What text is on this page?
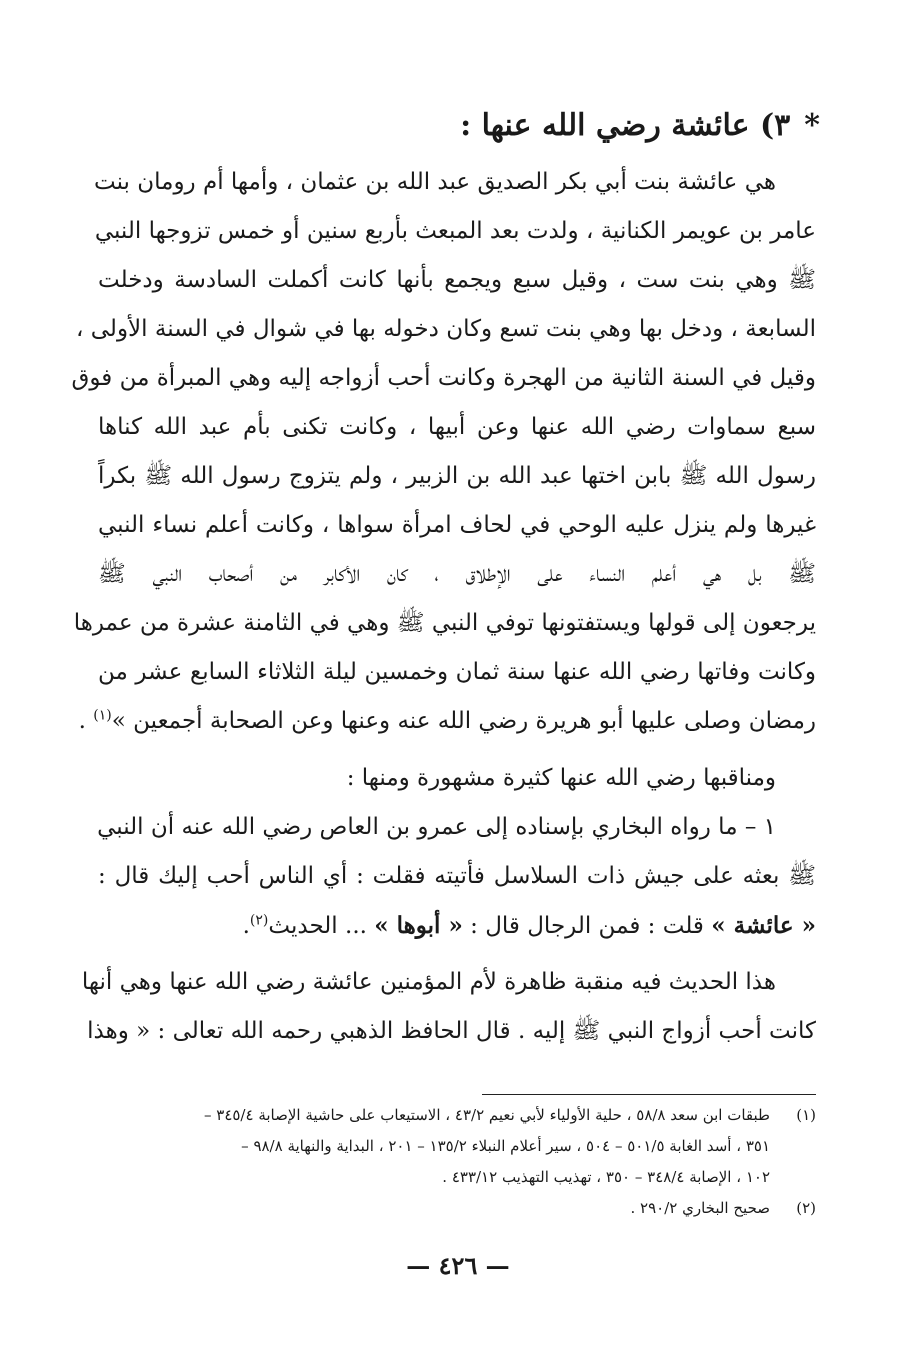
*٣) عائشة رضي الله عنها :
هي عائشة بنت أبي بكر الصديق عبد الله بن عثمان ، وأمها أم رومان بنت
عامر بن عويمر الكنانية ، ولدت بعد المبعث بأربع سنين أو خمس تزوجها النبي
ﷺ وهي بنت ست ، وقيل سبع ويجمع بأنها كانت أكملت السادسة ودخلت
السابعة ، ودخل بها وهي بنت تسع وكان دخوله بها في شوال في السنة الأولى ،
وقيل في السنة الثانية من الهجرة وكانت أحب أزواجه إليه وهي المبرأة من فوق
سبع سماوات رضي الله عنها وعن أبيها ، وكانت تكنى بأم عبد الله كناها
رسول الله ﷺ بابن اختها عبد الله بن الزبير ، ولم يتزوج رسول الله ﷺ بكراً
غيرها ولم ينزل عليه الوحي في لحاف امرأة سواها ، وكانت أعلم نساء النبي
ﷺ بل هي أعلم النساء على الإطلاق ، كان الأكابر من أصحاب النبي ﷺ
يرجعون إلى قولها ويستفتونها توفي النبي ﷺ وهي في الثامنة عشرة من عمرها
وكانت وفاتها رضي الله عنها سنة ثمان وخمسين ليلة الثلاثاء السابع عشر من
رمضان وصلى عليها أبو هريرة رضي الله عنه وعنها وعن الصحابة أجمعين »$^{(١)}$ .
ومناقبها رضي الله عنها كثيرة مشهورة ومنها :
١ – ما رواه البخاري بإسناده إلى عمرو بن العاص رضي الله عنه أن النبي
ﷺ بعثه على جيش ذات السلاسل فأتيته فقلت : أي الناس أحب إليك قال :
« عائشة » قلت : فمن الرجال قال : « أبوها » ... الحديث$^{(٢)}$.
هذا الحديث فيه منقبة ظاهرة لأم المؤمنين عائشة رضي الله عنها وهي أنها
كانت أحب أزواج النبي ﷺ إليه . قال الحافظ الذهبي رحمه الله تعالى : « وهذا
(١)طبقات ابن سعد ٥٨/٨ ، حلية الأولياء لأبي نعيم ٤٣/٢ ، الاستيعاب على حاشية الإصابة ٣٤٥/٤ –
٣٥١ ، أسد الغابة ٥٠١/٥ – ٥٠٤ ، سير أعلام النبلاء ١٣٥/٢ – ٢٠١ ، البداية والنهاية ٩٨/٨ –
١٠٢ ، الإصابة ٣٤٨/٤ – ٣٥٠ ، تهذيب التهذيب ٤٣٣/١٢ .
(٢)صحيح البخاري ٢٩٠/٢ .
— ٤٢٦ —
